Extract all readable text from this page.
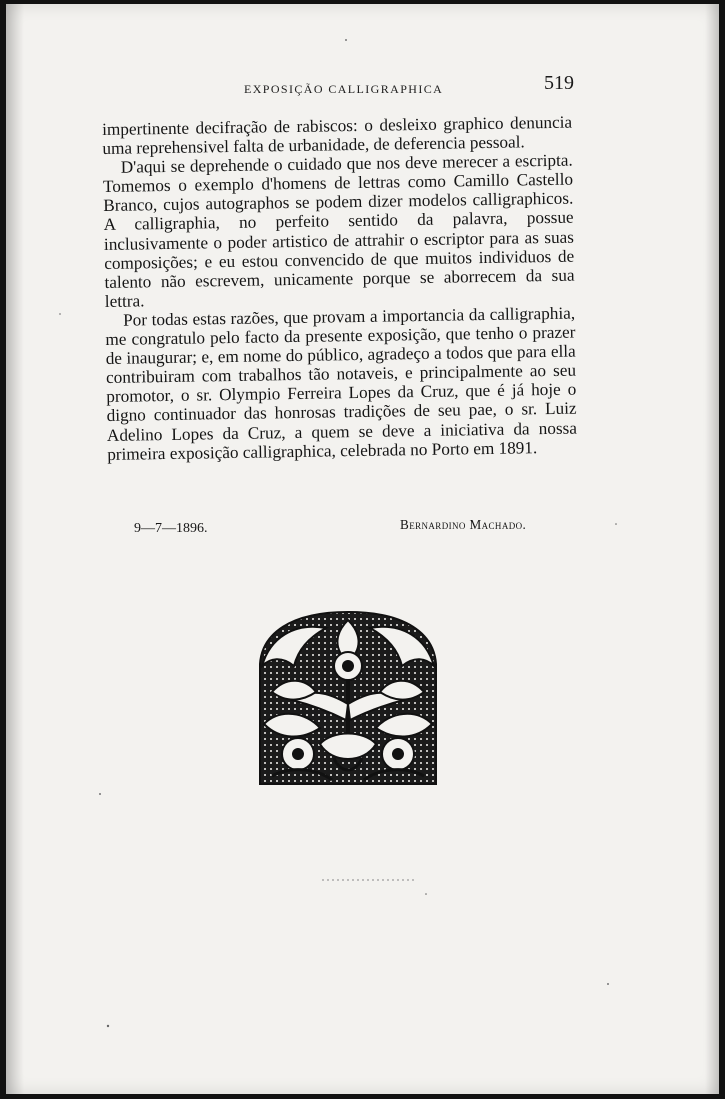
EXPOSIÇÃO CALLIGRAPHICA	519

impertinente decifração de rabiscos: o desleixo graphico denuncia uma reprehensivel falta de urbanidade, de deferencia pessoal.

D'aqui se deprehende o cuidado que nos deve merecer a escripta. Tomemos o exemplo d'homens de lettras como Camillo Castello Branco, cujos autographos se podem dizer modelos calligraphicos. A calligraphia, no perfeito sentido da palavra, possue inclusivamente o poder artistico de attrahir o escriptor para as suas composições; e eu estou convencido de que muitos individuos de talento não escrevem, unicamente porque se aborrecem da sua lettra.

Por todas estas razões, que provam a importancia da calligraphia, me congratulo pelo facto da presente exposição, que tenho o prazer de inaugurar; e, em nome do público, agradeço a todos que para ella contribuiram com trabalhos tão notaveis, e principalmente ao seu promotor, o sr. Olympio Ferreira Lopes da Cruz, que é já hoje o digno continuador das honrosas tradições de seu pae, o sr. Luiz Adelino Lopes da Cruz, a quem se deve a iniciativa da nossa primeira exposição calligraphica, celebrada no Porto em 1891.

9—7—1896.	Bernardino Machado.
